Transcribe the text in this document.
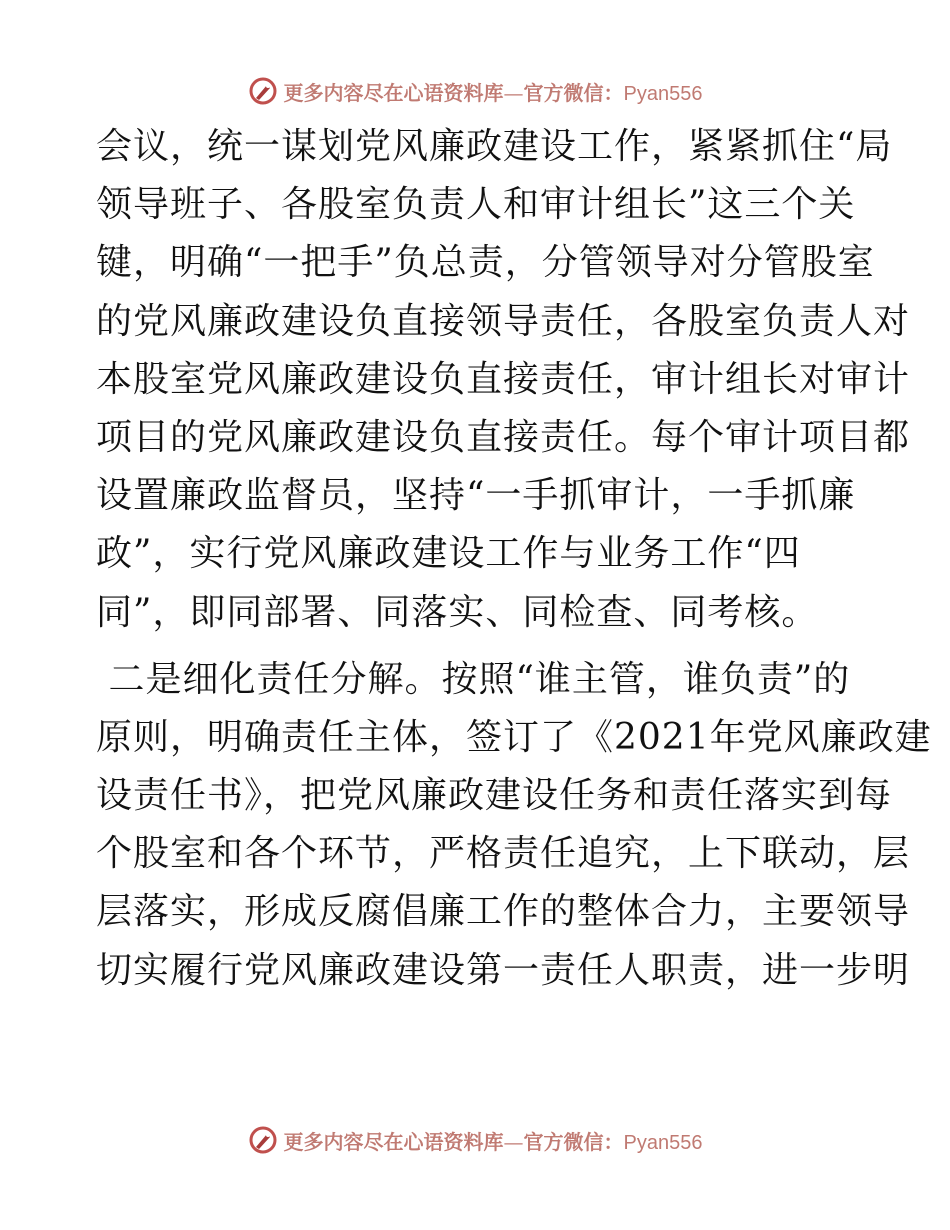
更多内容尽在心语资料库—官方微信：Pyan556
会议，统一谋划党风廉政建设工作，紧紧抓住“局
领导班子、各股室负责人和审计组长”这三个关
键，明确“一把手”负总责，分管领导对分管股室
的党风廉政建设负直接领导责任，各股室负责人对
本股室党风廉政建设负直接责任，审计组长对审计
项目的党风廉政建设负直接责任。每个审计项目都
设置廉政监督员，坚持“一手抓审计，一手抓廉
政”，实行党风廉政建设工作与业务工作“四
同”，即同部署、同落实、同检查、同考核。
二是细化责任分解。按照“谁主管，谁负责”的
原则，明确责任主体，签订了《2021年党风廉政建
设责任书》，把党风廉政建设任务和责任落实到每
个股室和各个环节，严格责任追究，上下联动，层
层落实，形成反腐倡廉工作的整体合力，主要领导
切实履行党风廉政建设第一责任人职责，进一步明
更多内容尽在心语资料库—官方微信：Pyan556
